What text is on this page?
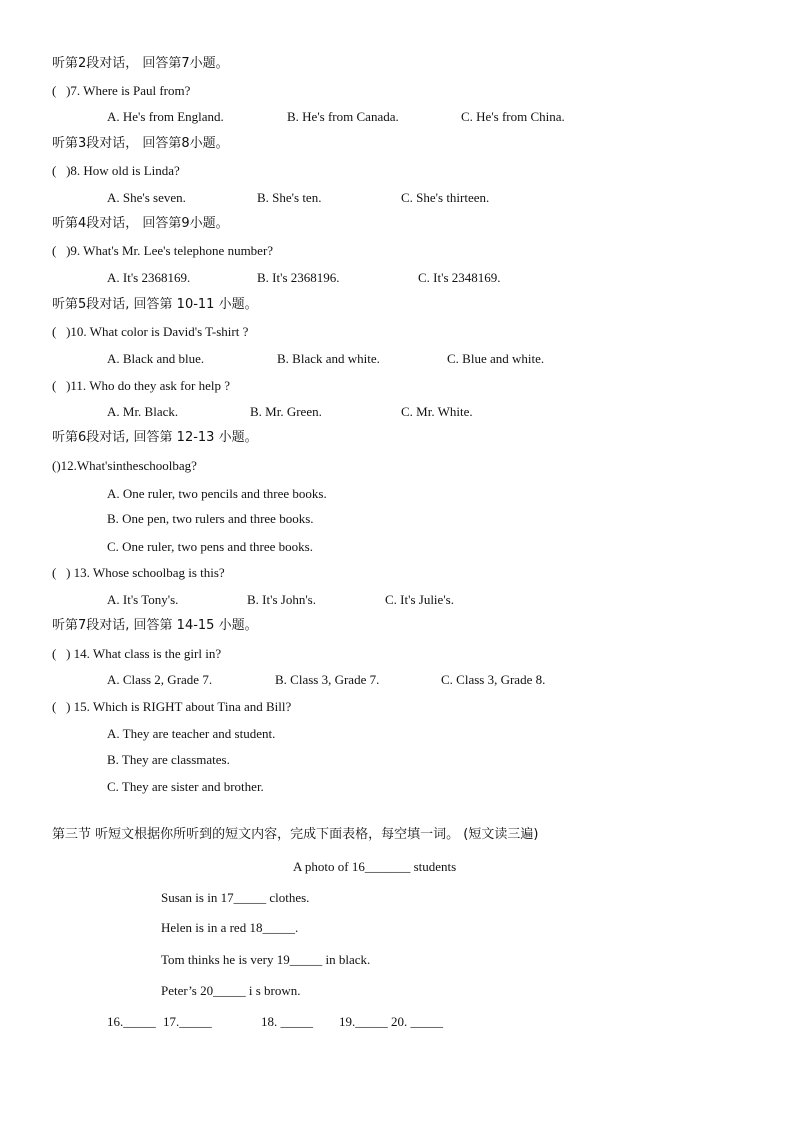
听第2段对话， 回答第7小题。
(   )7. Where is Paul from?
A. He's from England.	B. He's from Canada.	C. He's from China.
听第3段对话， 回答第8小题。
(   )8. How old is Linda?
A. She's seven.	B. She's ten.	C. She's thirteen.
听第4段对话， 回答第9小题。
(   )9. What's Mr. Lee's telephone number?
A. It's 2368169.	B. It's 2368196.	C. It's 2348169.
听第5段对话, 回答第 10-11 小题。
(   )10. What color is David's T-shirt ?
A. Black and blue.	B. Black and white.	C. Blue and white.
(   )11. Who do they ask for help ?
A. Mr. Black.	B. Mr. Green.	C. Mr. White.
听第6段对话, 回答第 12-13 小题。
()12.What'sintheschoolbag?
A. One ruler, two pencils and three books.
B. One pen, two rulers and three books.
C. One ruler, two pens and three books.
(   ) 13. Whose schoolbag is this?
A. It's Tony's.	B. It's John's.	C. It's Julie's.
听第7段对话, 回答第 14-15 小题。
(   ) 14. What class is the girl in?
A. Class 2, Grade 7.	B. Class 3, Grade 7.	C. Class 3, Grade 8.
(   ) 15. Which is RIGHT about Tina and Bill?
A. They are teacher and student.
B. They are classmates.
C. They are sister and brother.
第三节 听短文根据你所听到的短文内容，完成下面表格，每空填一词。 (短文读三遍)
A photo of 16_______ students
Susan is in 17_____ clothes.
Helen is in a red 18_____.
Tom thinks he is very 19_____ in black.
Peter’s 20_____ i s brown.
16._____ 17._____	18. _____ 19._____ 20. _____
